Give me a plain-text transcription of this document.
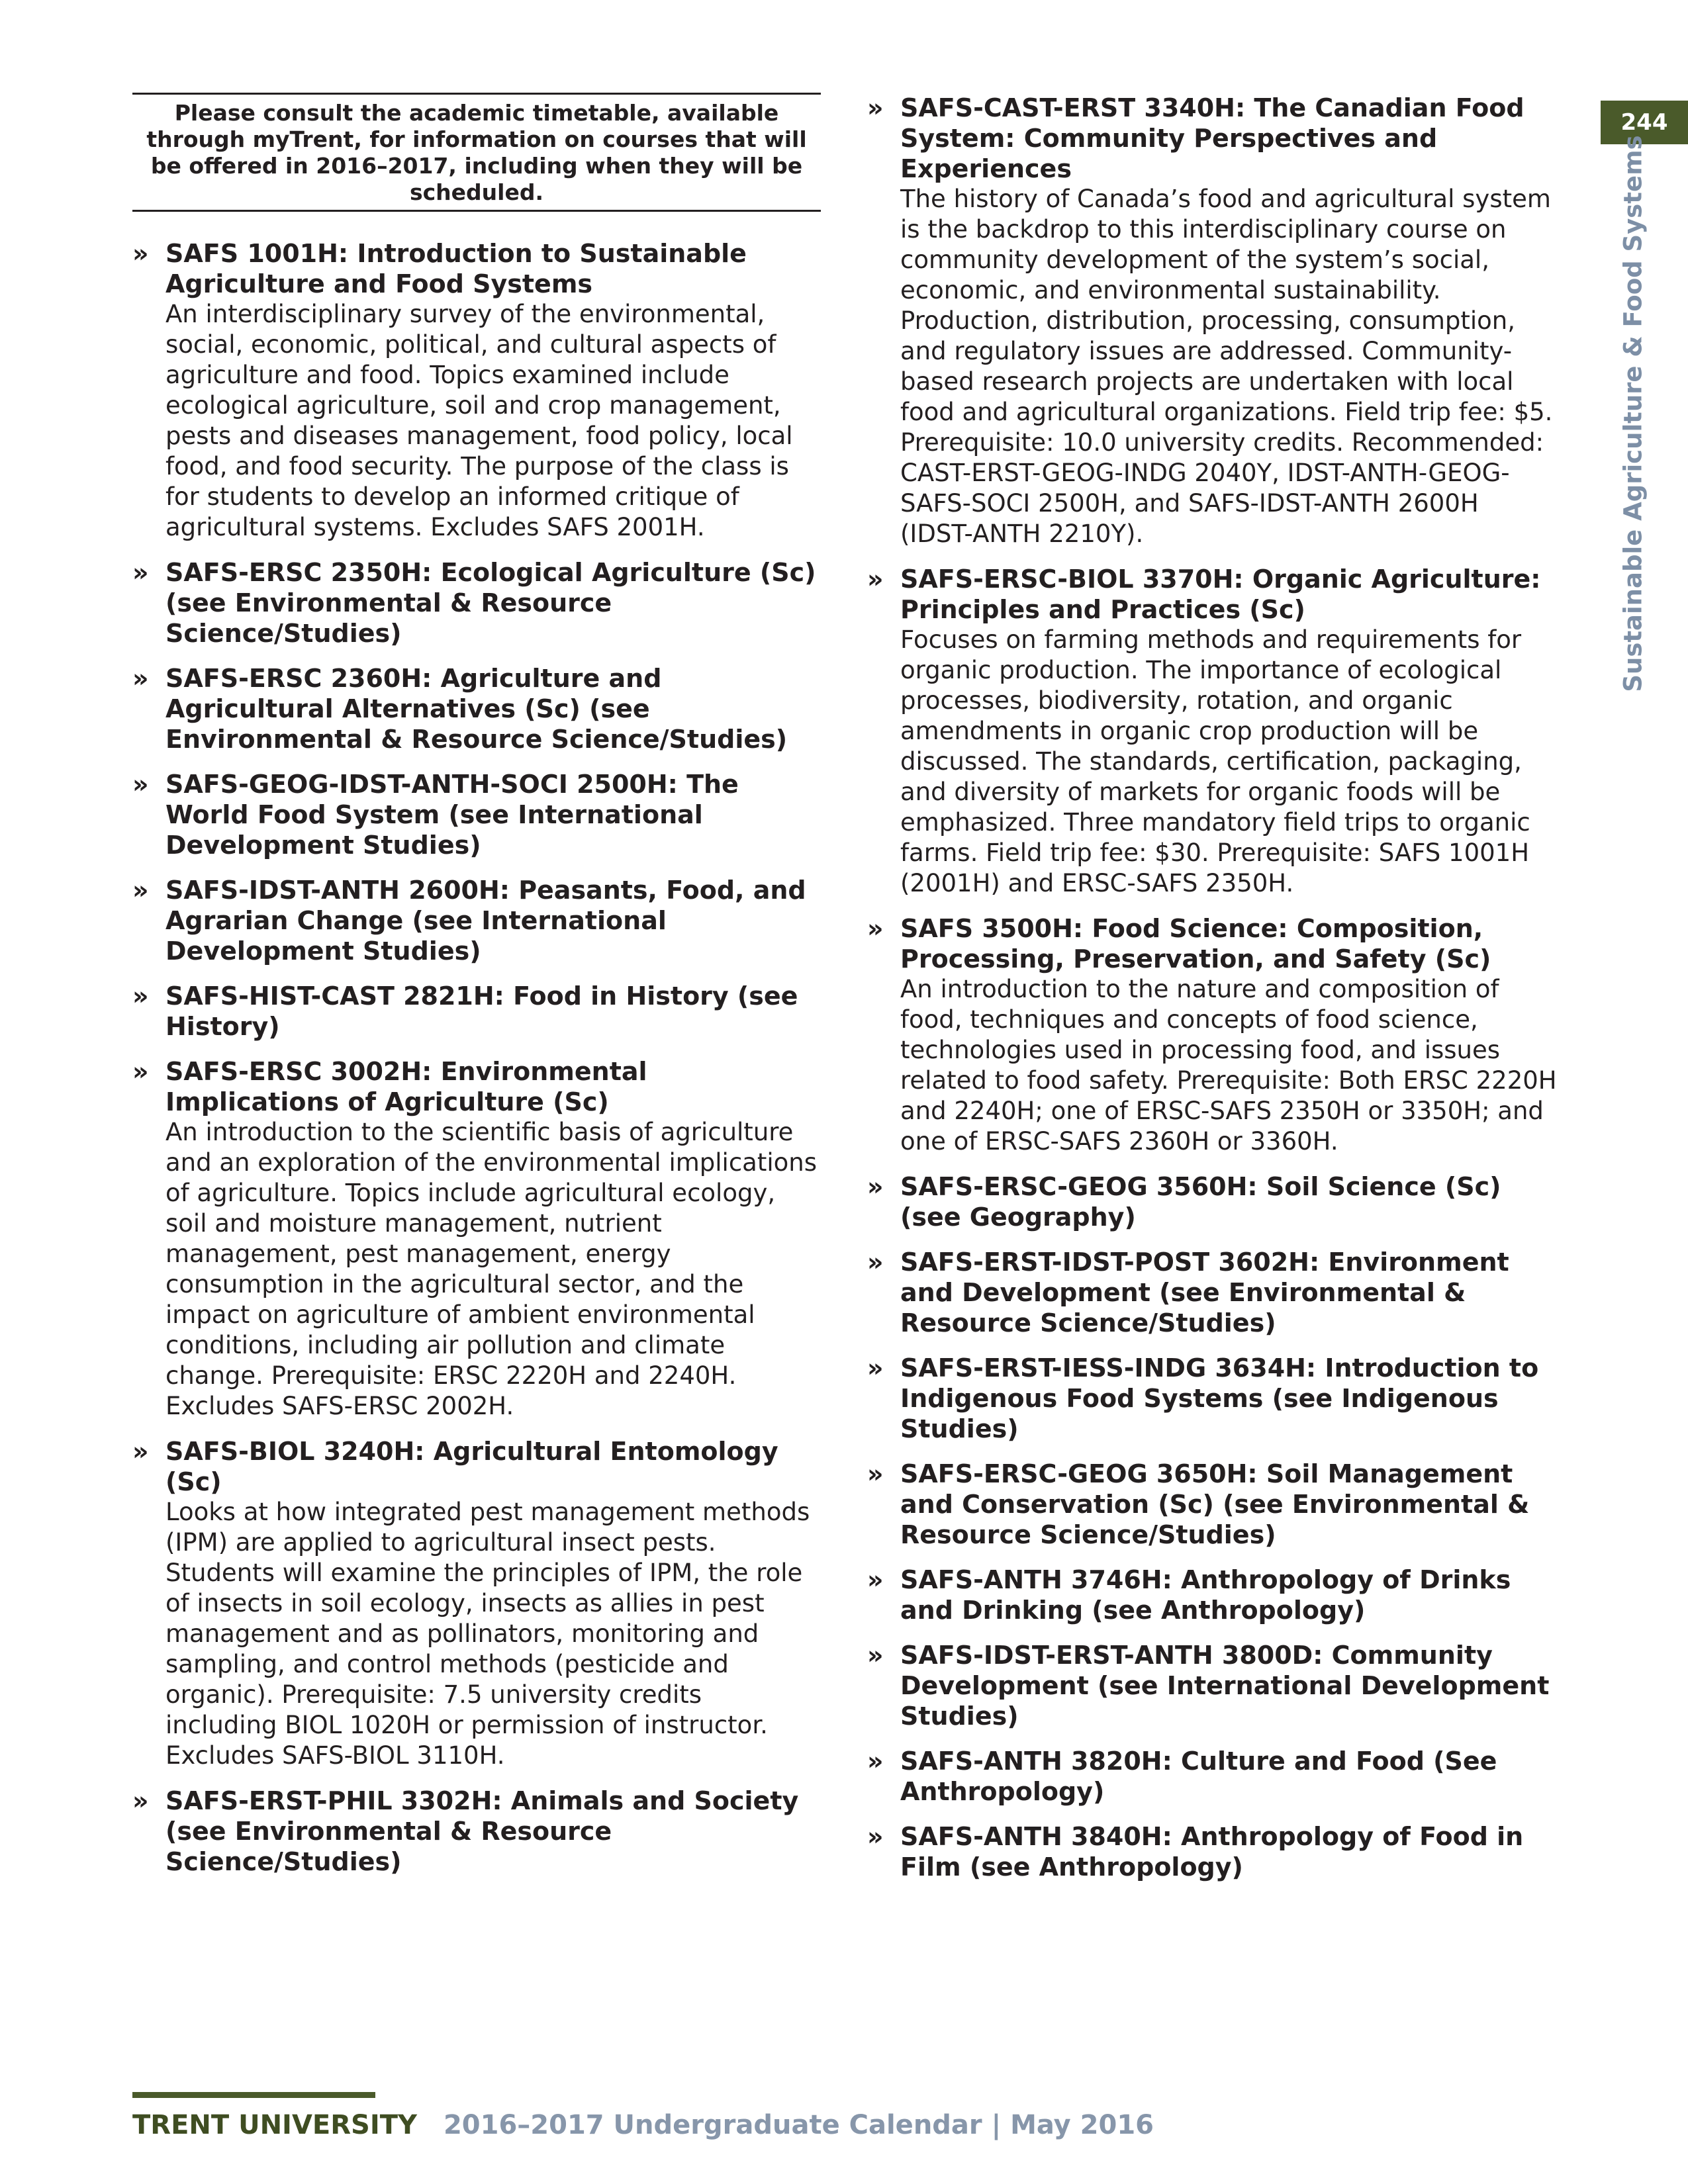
Please consult the academic timetable, available through myTrent, for information on courses that will be offered in 2016–2017, including when they will be scheduled.
» SAFS 1001H: Introduction to Sustainable Agriculture and Food Systems
An interdisciplinary survey of the environmental, social, economic, political, and cultural aspects of agriculture and food. Topics examined include ecological agriculture, soil and crop management, pests and diseases management, food policy, local food, and food security. The purpose of the class is for students to develop an informed critique of agricultural systems. Excludes SAFS 2001H.
» SAFS-ERSC 2350H: Ecological Agriculture (Sc) (see Environmental & Resource Science/Studies)
» SAFS-ERSC 2360H: Agriculture and Agricultural Alternatives (Sc) (see Environmental & Resource Science/Studies)
» SAFS-GEOG-IDST-ANTH-SOCI 2500H: The World Food System (see International Development Studies)
» SAFS-IDST-ANTH 2600H: Peasants, Food, and Agrarian Change (see International Development Studies)
» SAFS-HIST-CAST 2821H: Food in History (see History)
» SAFS-ERSC 3002H: Environmental Implications of Agriculture (Sc)
An introduction to the scientific basis of agriculture and an exploration of the environmental implications of agriculture. Topics include agricultural ecology, soil and moisture management, nutrient management, pest management, energy consumption in the agricultural sector, and the impact on agriculture of ambient environmental conditions, including air pollution and climate change. Prerequisite: ERSC 2220H and 2240H. Excludes SAFS-ERSC 2002H.
» SAFS-BIOL 3240H: Agricultural Entomology (Sc)
Looks at how integrated pest management methods (IPM) are applied to agricultural insect pests. Students will examine the principles of IPM, the role of insects in soil ecology, insects as allies in pest management and as pollinators, monitoring and sampling, and control methods (pesticide and organic). Prerequisite: 7.5 university credits including BIOL 1020H or permission of instructor. Excludes SAFS-BIOL 3110H.
» SAFS-ERST-PHIL 3302H: Animals and Society (see Environmental & Resource Science/Studies)
» SAFS-CAST-ERST 3340H: The Canadian Food System: Community Perspectives and Experiences
The history of Canada’s food and agricultural system is the backdrop to this interdisciplinary course on community development of the system’s social, economic, and environmental sustainability. Production, distribution, processing, consumption, and regulatory issues are addressed. Community-based research projects are undertaken with local food and agricultural organizations. Field trip fee: $5. Prerequisite: 10.0 university credits. Recommended: CAST-ERST-GEOG-INDG 2040Y, IDST-ANTH-GEOG-SAFS-SOCI 2500H, and SAFS-IDST-ANTH 2600H (IDST-ANTH 2210Y).
» SAFS-ERSC-BIOL 3370H: Organic Agriculture: Principles and Practices (Sc)
Focuses on farming methods and requirements for organic production. The importance of ecological processes, biodiversity, rotation, and organic amendments in organic crop production will be discussed. The standards, certification, packaging, and diversity of markets for organic foods will be emphasized. Three mandatory field trips to organic farms. Field trip fee: $30. Prerequisite: SAFS 1001H (2001H) and ERSC-SAFS 2350H.
» SAFS 3500H: Food Science: Composition, Processing, Preservation, and Safety (Sc)
An introduction to the nature and composition of food, techniques and concepts of food science, technologies used in processing food, and issues related to food safety. Prerequisite: Both ERSC 2220H and 2240H; one of ERSC-SAFS 2350H or 3350H; and one of ERSC-SAFS 2360H or 3360H.
» SAFS-ERSC-GEOG 3560H: Soil Science (Sc) (see Geography)
» SAFS-ERST-IDST-POST 3602H: Environment and Development (see Environmental & Resource Science/Studies)
» SAFS-ERST-IESS-INDG 3634H: Introduction to Indigenous Food Systems (see Indigenous Studies)
» SAFS-ERSC-GEOG 3650H: Soil Management and Conservation (Sc) (see Environmental & Resource Science/Studies)
» SAFS-ANTH 3746H: Anthropology of Drinks and Drinking (see Anthropology)
» SAFS-IDST-ERST-ANTH 3800D: Community Development (see International Development Studies)
» SAFS-ANTH 3820H: Culture and Food (See Anthropology)
» SAFS-ANTH 3840H: Anthropology of Food in Film (see Anthropology)
244
Sustainable Agriculture & Food Systems
TRENT UNIVERSITY 2016–2017 Undergraduate Calendar | May 2016
